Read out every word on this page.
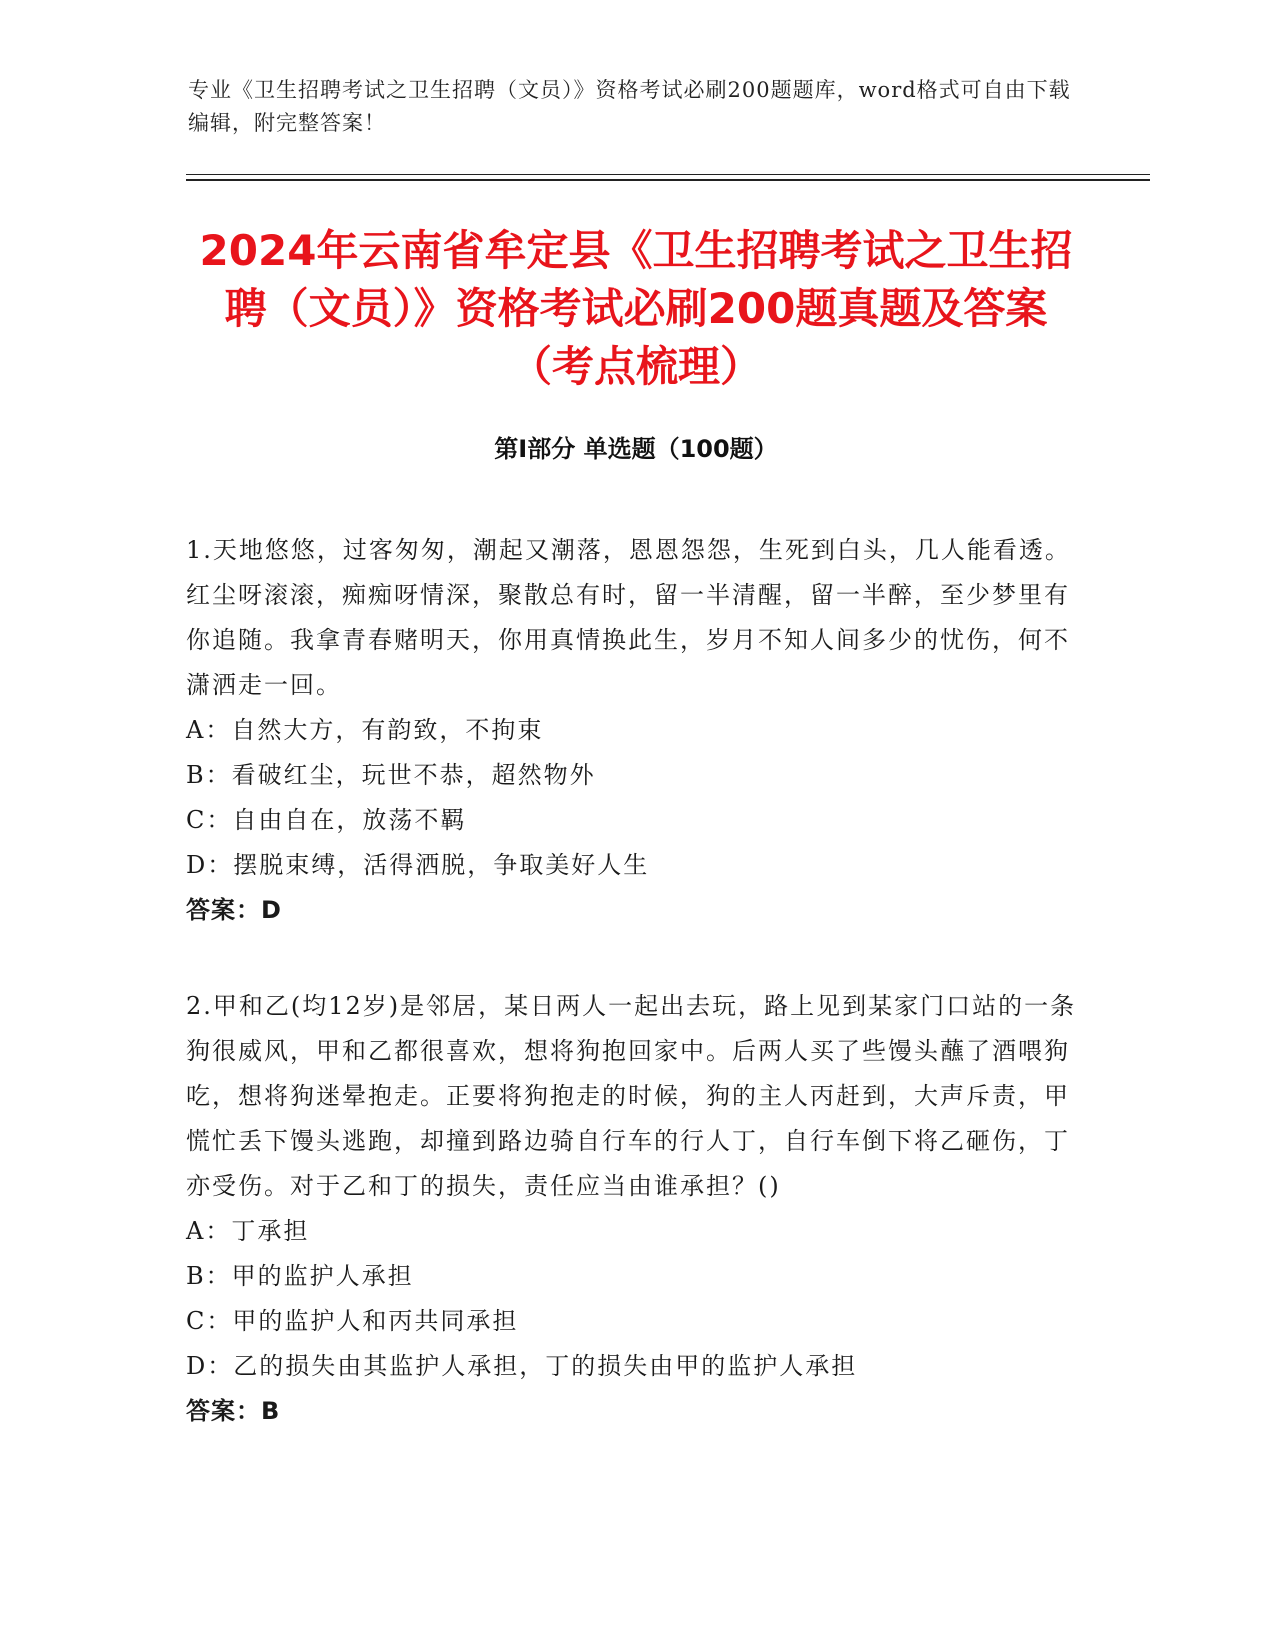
专业《卫生招聘考试之卫生招聘（文员）》资格考试必刷200题题库，word格式可自由下载编辑，附完整答案！
2024年云南省牟定县《卫生招聘考试之卫生招聘（文员）》资格考试必刷200题真题及答案（考点梳理）
第Ⅰ部分 单选题（100题）

1.天地悠悠，过客匆匆，潮起又潮落，恩恩怨怨，生死到白头，几人能看透。红尘呀滚滚，痴痴呀情深，聚散总有时，留一半清醒，留一半醉，至少梦里有你追随。我拿青春赌明天，你用真情换此生，岁月不知人间多少的忧伤，何不潇洒走一回。

A：自然大方，有韵致，不拘束

B：看破红尘，玩世不恭，超然物外

C：自由自在，放荡不羁

D：摆脱束缚，活得洒脱，争取美好人生

答案：D

2.甲和乙(均12岁)是邻居，某日两人一起出去玩，路上见到某家门口站的一条狗很威风，甲和乙都很喜欢，想将狗抱回家中。后两人买了些馒头蘸了酒喂狗吃，想将狗迷晕抱走。正要将狗抱走的时候，狗的主人丙赶到，大声斥责，甲慌忙丢下馒头逃跑，却撞到路边骑自行车的行人丁，自行车倒下将乙砸伤，丁亦受伤。对于乙和丁的损失，责任应当由谁承担？()

A：丁承担

B：甲的监护人承担

C：甲的监护人和丙共同承担

D：乙的损失由其监护人承担，丁的损失由甲的监护人承担

答案：B
